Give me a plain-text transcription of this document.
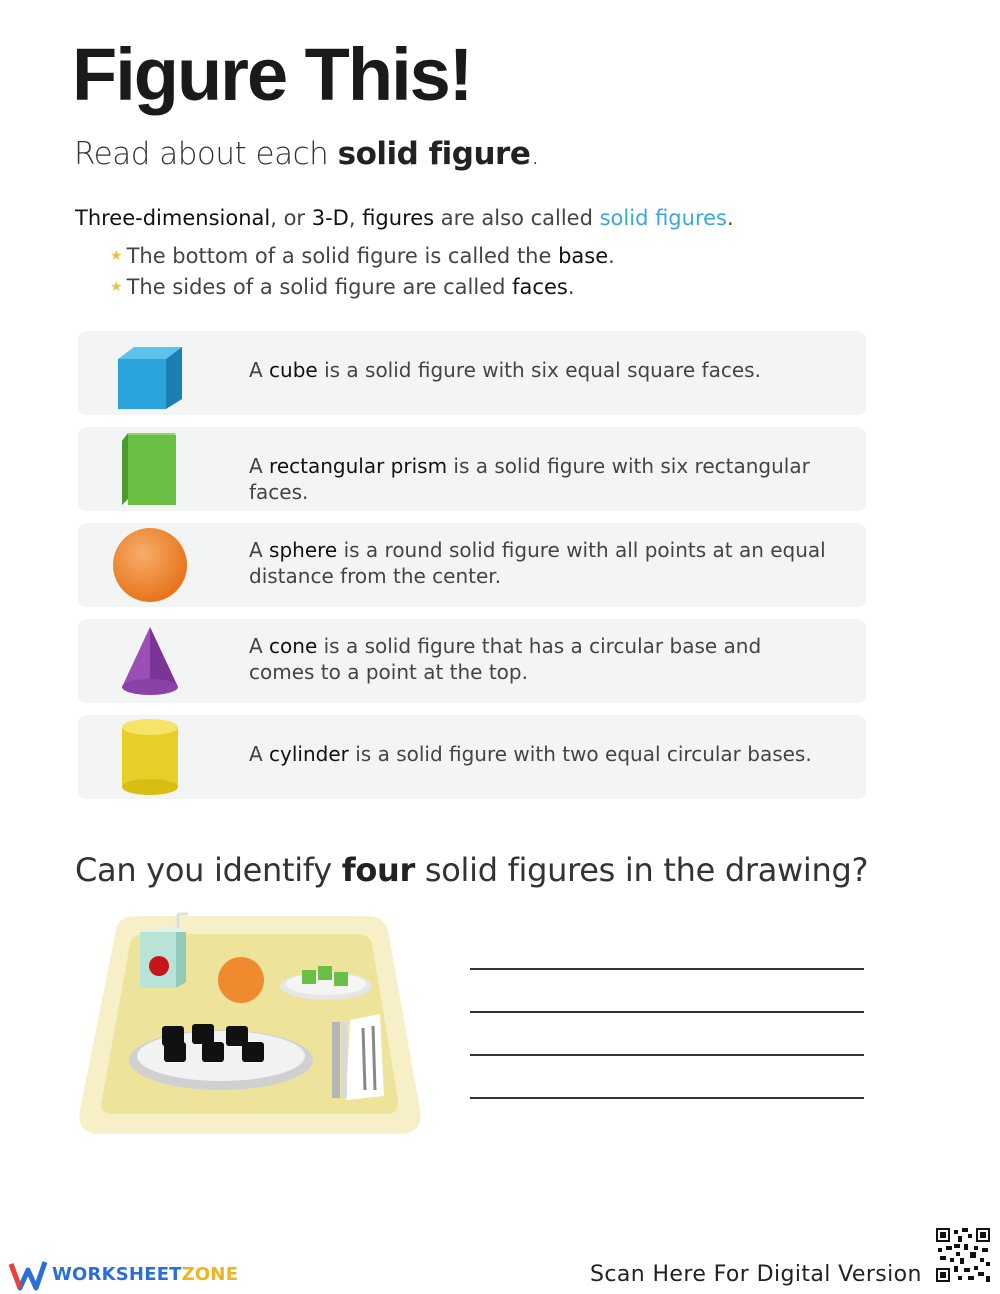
Figure This!
Read about each solid figure.
Three-dimensional, or 3-D, figures are also called solid figures.
★ The bottom of a solid figure is called the base.
★ The sides of a solid figure are called faces.
A cube is a solid figure with six equal square faces.
A rectangular prism is a solid figure with six rectangular faces.
A sphere is a round solid figure with all points at an equal
distance from the center.
A cone is a solid figure that has a circular base and
comes to a point at the top.
A cylinder is a solid figure with two equal circular bases.
Can you identify four solid figures in the drawing?
WORKSHEETZONE	Scan Here For Digital Version
